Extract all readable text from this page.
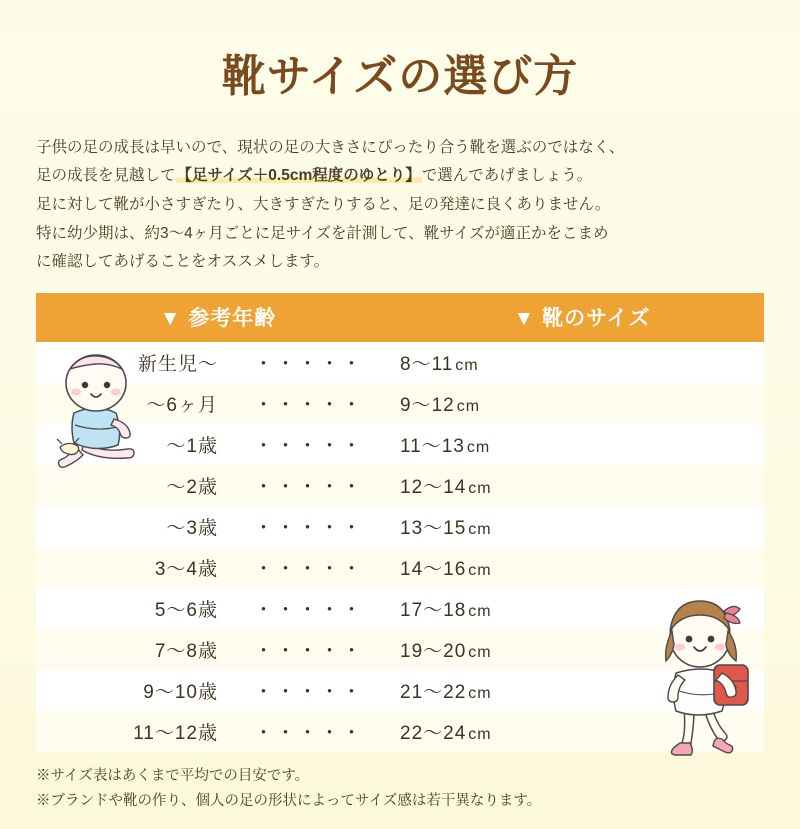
靴サイズの選び方
子供の足の成長は早いので、現状の足の大きさにぴったり合う靴を選ぶのではなく、
足の成長を見越して【足サイズ＋0.5cm程度のゆとり】で選んであげましょう。
足に対して靴が小さすぎたり、大きすぎたりすると、足の発達に良くありません。
特に幼少期は、約3〜4ヶ月ごとに足サイズを計測して、靴サイズが適正かをこまめ
に確認してあげることをオススメします。
▼ 参考年齢		▼ 靴のサイズ
新生児〜	・・・・・	8〜11 cm
〜6ヶ月	・・・・・	9〜12 cm
〜1歳	・・・・・	11〜13 cm
〜2歳	・・・・・	12〜14 cm
〜3歳	・・・・・	13〜15 cm
3〜4歳	・・・・・	14〜16 cm
5〜6歳	・・・・・	17〜18 cm
7〜8歳	・・・・・	19〜20 cm
9〜10歳	・・・・・	21〜22 cm
11〜12歳	・・・・・	22〜24 cm
※サイズ表はあくまで平均での目安です。
※ブランドや靴の作り、個人の足の形状によってサイズ感は若干異なります。
